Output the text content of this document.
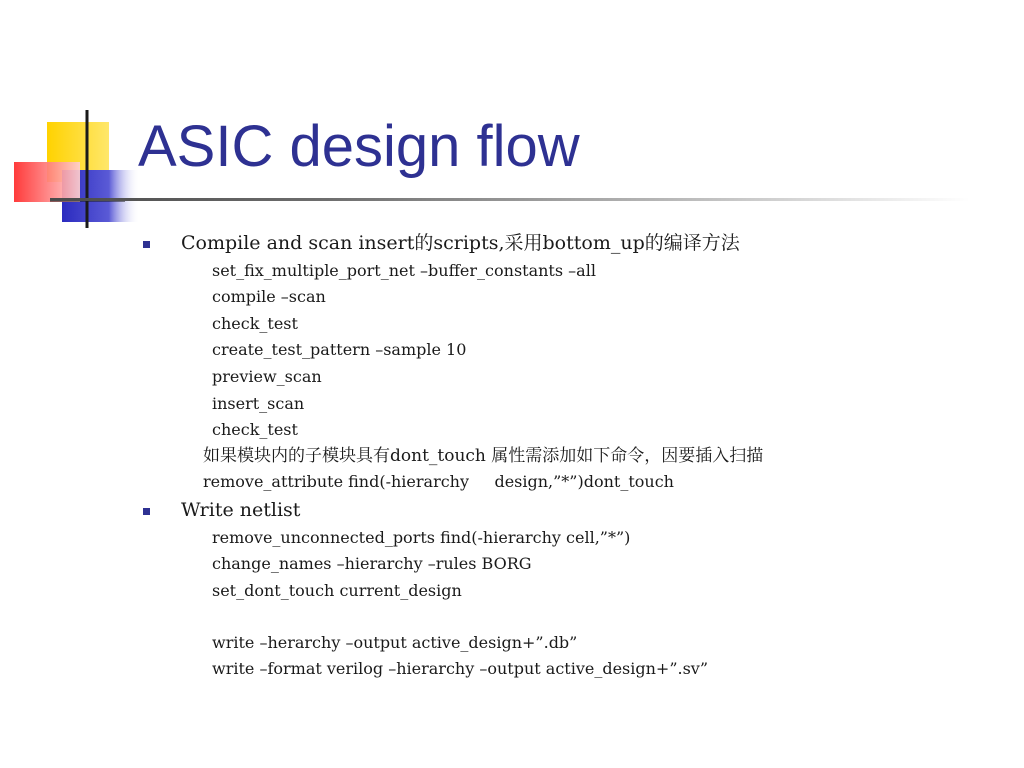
ASIC design flow
Compile and scan insert的scripts,采用bottom_up的编译方法
set_fix_multiple_port_net –buffer_constants –all
compile –scan
check_test
create_test_pattern –sample 10
preview_scan
insert_scan
check_test
如果模块内的子模块具有dont_touch 属性需添加如下命令，因要插入扫描
remove_attribute find(-hierarchy     design,”*”)dont_touch
Write netlist
remove_unconnected_ports find(-hierarchy cell,”*”)
change_names –hierarchy –rules BORG
set_dont_touch current_design
write –herarchy –output active_design+”.db”
write –format verilog –hierarchy –output active_design+”.sv”
